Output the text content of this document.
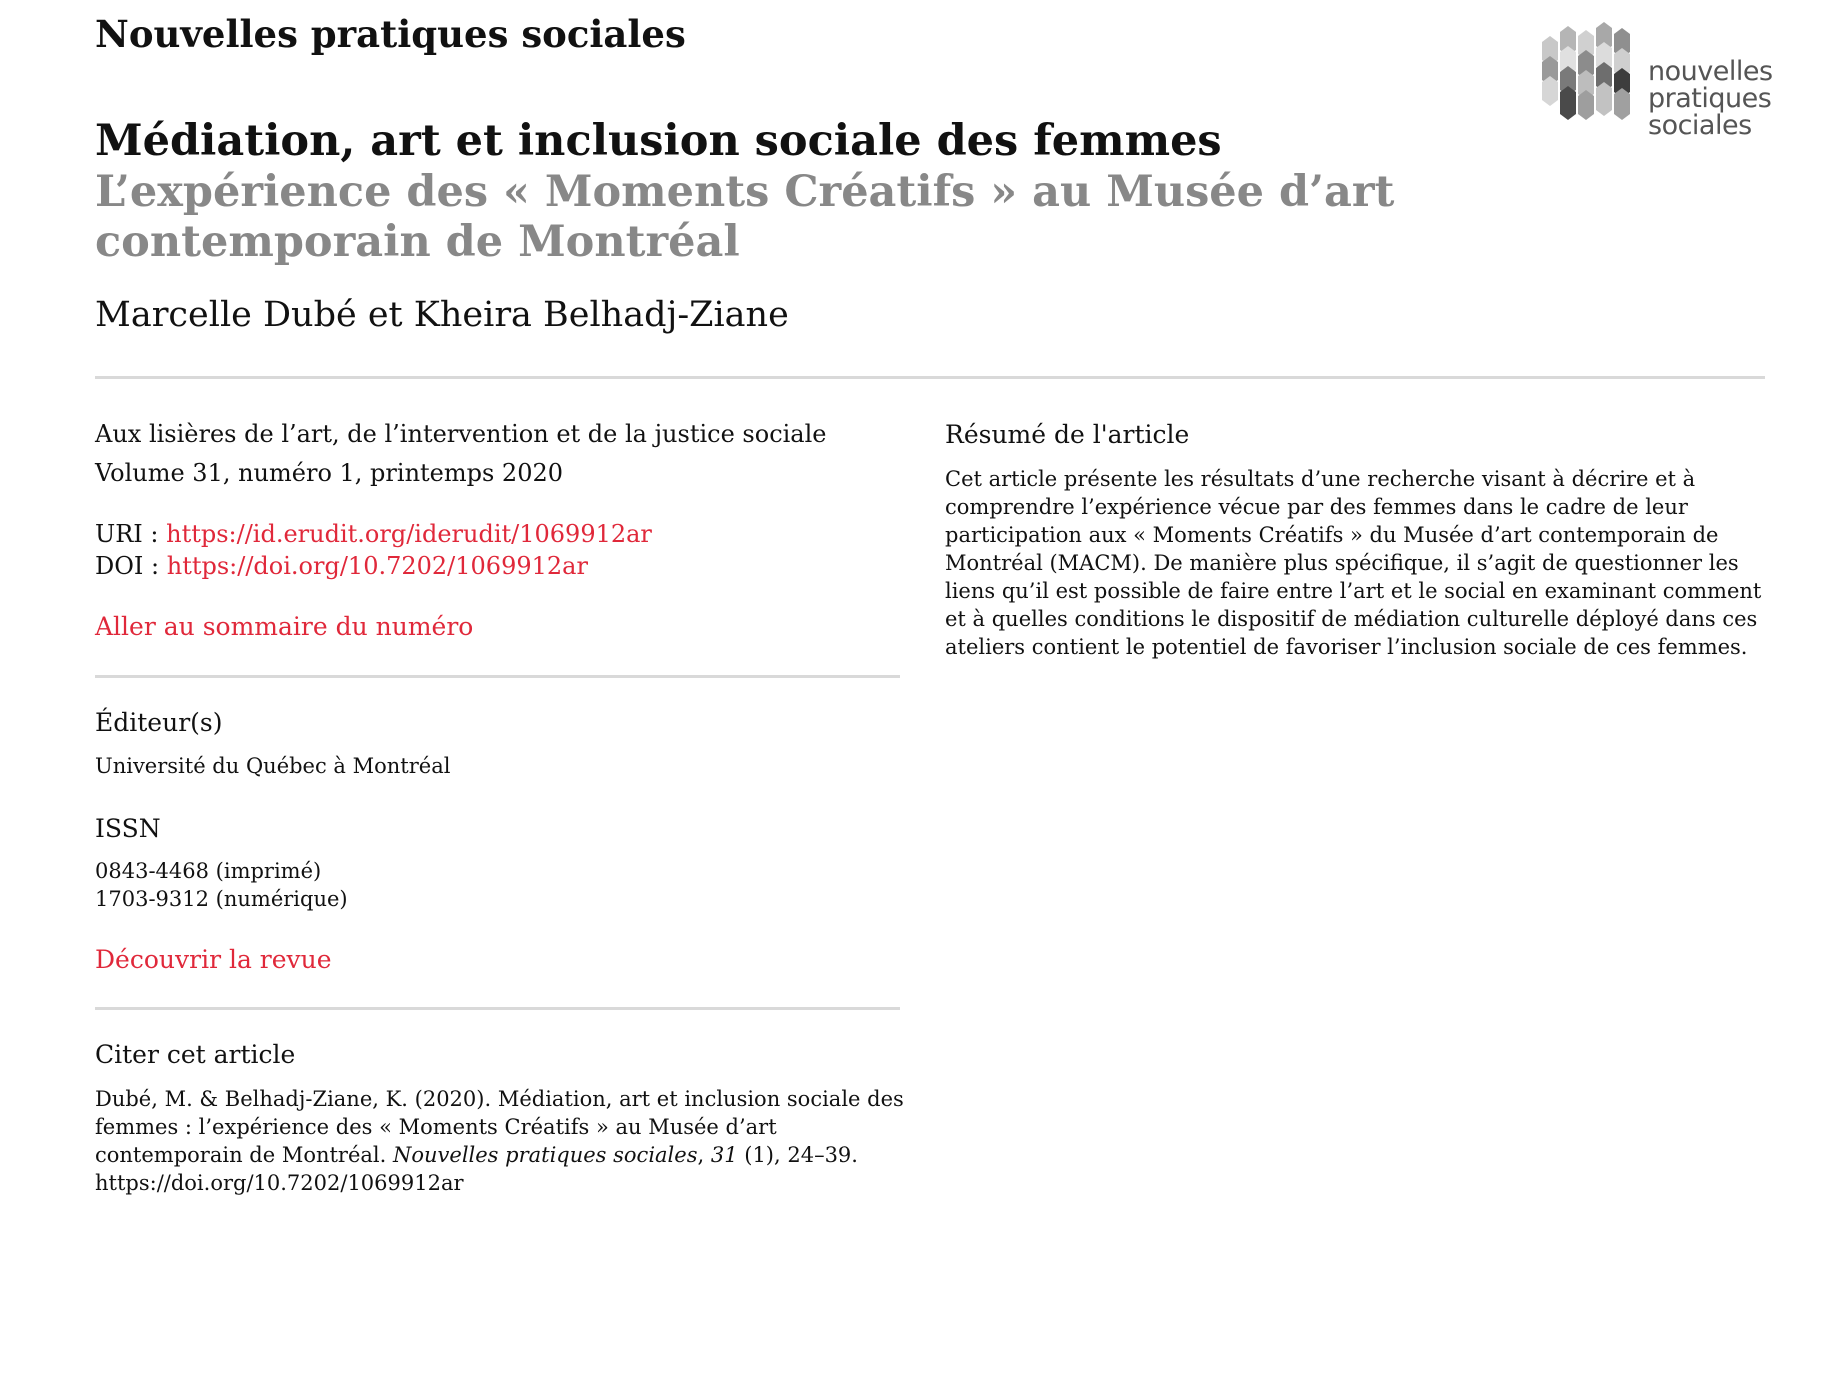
Nouvelles pratiques sociales
nouvelles
pratiques
sociales
Médiation, art et inclusion sociale des femmes
L’expérience des « Moments Créatifs » au Musée d’art contemporain de Montréal
Marcelle Dubé et Kheira Belhadj-Ziane
Aux lisières de l’art, de l’intervention et de la justice sociale
Volume 31, numéro 1, printemps 2020
URI : https://id.erudit.org/iderudit/1069912ar
DOI : https://doi.org/10.7202/1069912ar
Aller au sommaire du numéro
Éditeur(s)
Université du Québec à Montréal
ISSN
0843-4468 (imprimé)
1703-9312 (numérique)
Découvrir la revue
Citer cet article
Dubé, M. & Belhadj-Ziane, K. (2020). Médiation, art et inclusion sociale des femmes : l’expérience des « Moments Créatifs » au Musée d’art contemporain de Montréal. Nouvelles pratiques sociales, 31 (1), 24–39.
https://doi.org/10.7202/1069912ar
Résumé de l'article
Cet article présente les résultats d’une recherche visant à décrire et à comprendre l’expérience vécue par des femmes dans le cadre de leur participation aux « Moments Créatifs » du Musée d’art contemporain de Montréal (MACM). De manière plus spécifique, il s’agit de questionner les liens qu’il est possible de faire entre l’art et le social en examinant comment et à quelles conditions le dispositif de médiation culturelle déployé dans ces ateliers contient le potentiel de favoriser l’inclusion sociale de ces femmes.
